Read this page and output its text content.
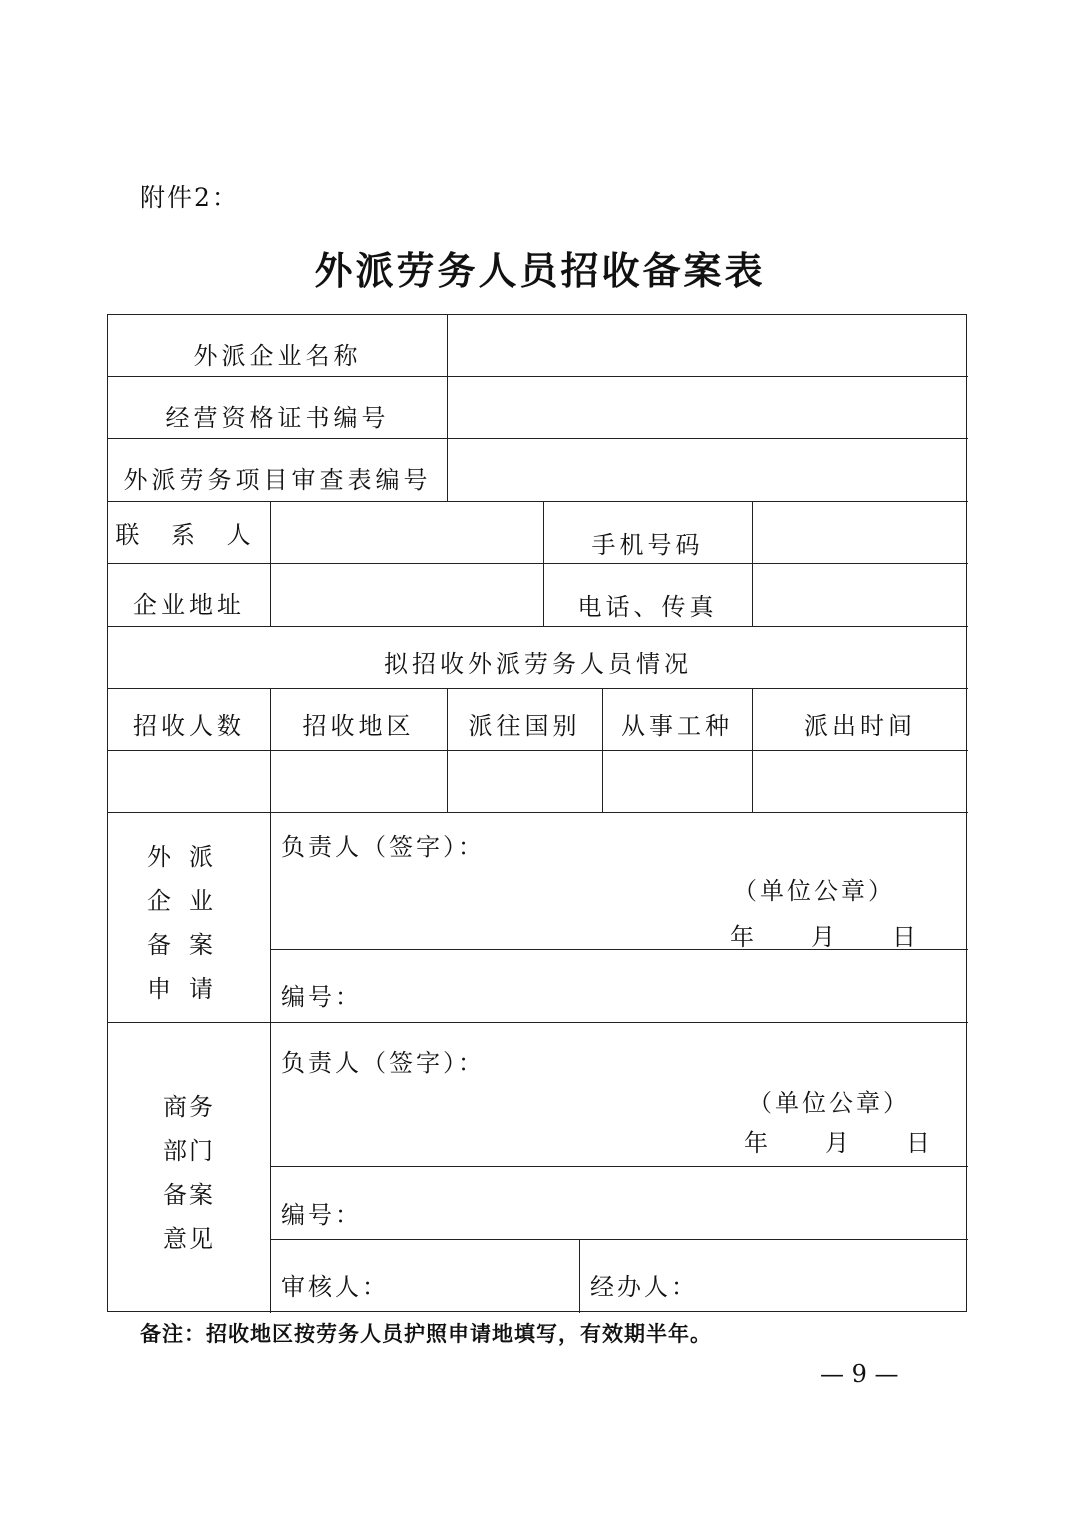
附件2：
外派劳务人员招收备案表
外派企业名称
经营资格证书编号
外派劳务项目审查表编号
联 系 人	手机号码
企业地址	电话、传真
拟招收外派劳务人员情况
招收人数	招收地区	派往国别	从事工种	派出时间
外派
企业
备案
申请
负责人（签字）：
（单位公章）
年　　月　　日
编号：
商务
部门
备案
意见
负责人（签字）：
（单位公章）
年　　月　　日
编号：
审核人：	经办人：
备注：招收地区按劳务人员护照申请地填写，有效期半年。
— 9 —
